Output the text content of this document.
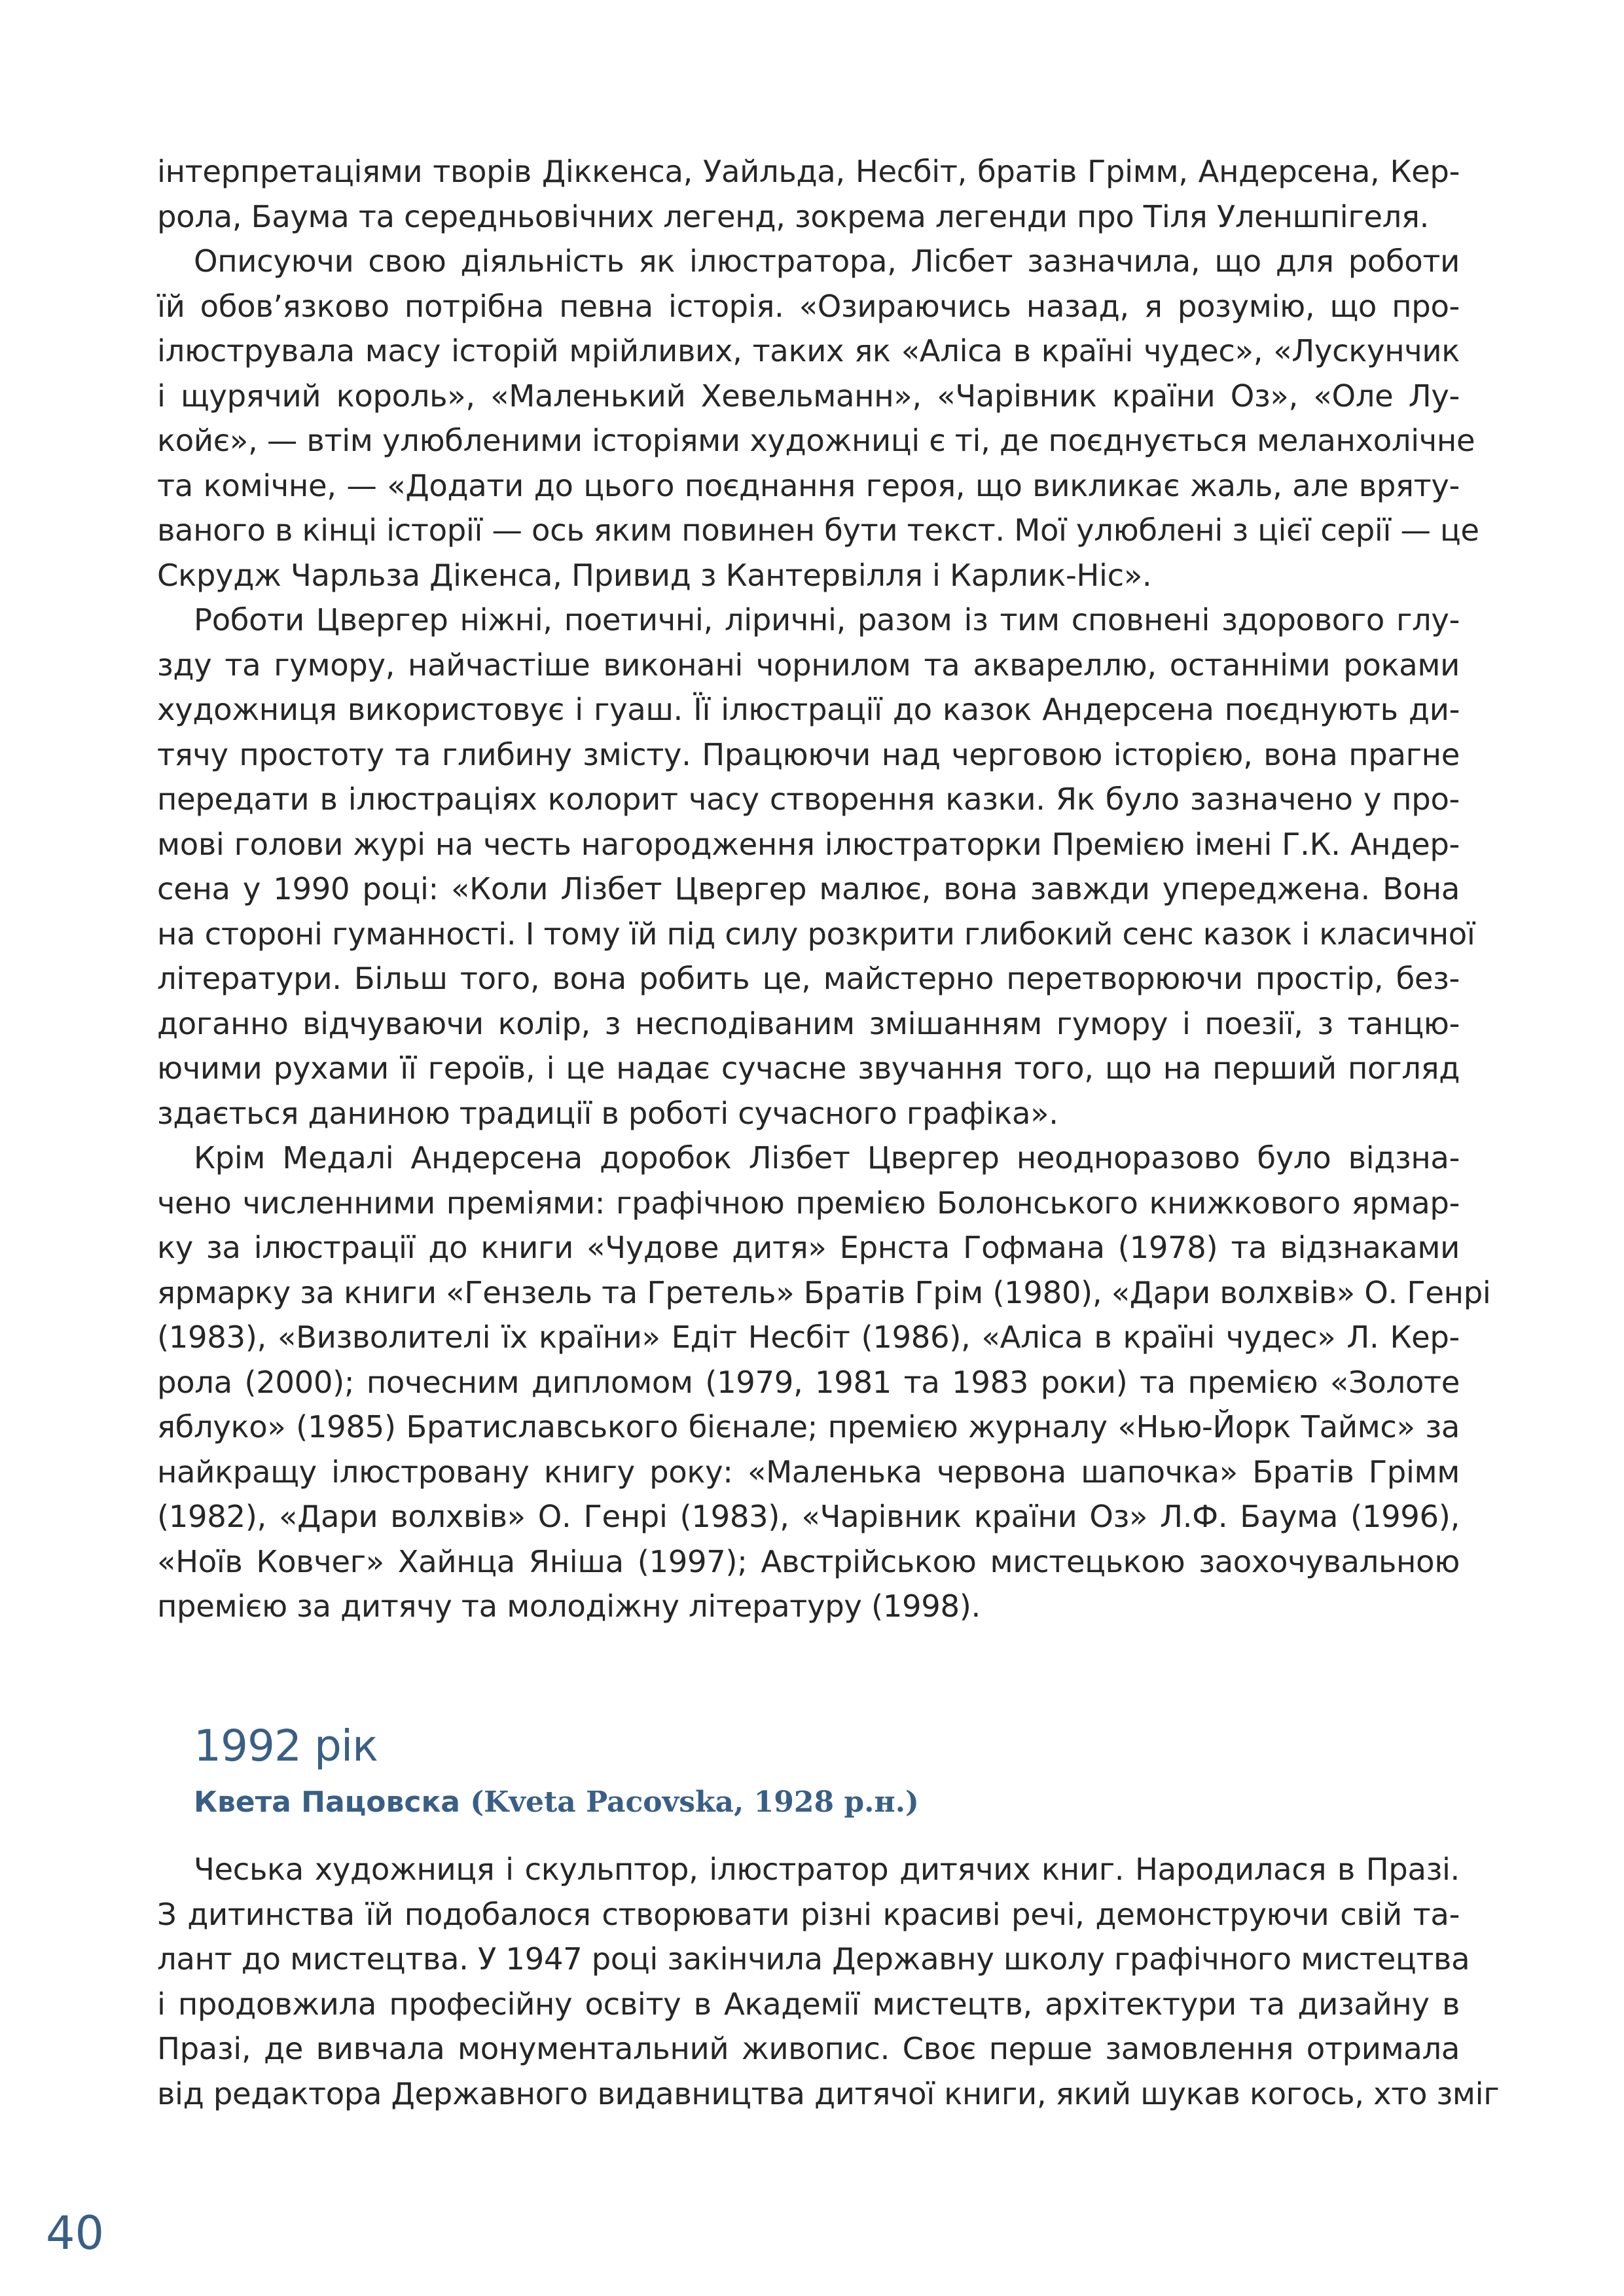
інтерпретаціями творів Діккенса, Уайльда, Несбіт, братів Грімм, Андерсена, Кер-
рола, Баума та середньовічних легенд, зокрема легенди про Тіля Уленшпігеля.
Описуючи свою діяльність як ілюстратора, Лісбет зазначила, що для роботи
їй обов’язково потрібна певна історія. «Озираючись назад, я розумію, що про-
ілюструвала масу історій мрійливих, таких як «Аліса в країні чудес», «Лускунчик
і щурячий король», «Маленький Хевельманн», «Чарівник країни Оз», «Оле Лу-
койє», — втім улюбленими історіями художниці є ті, де поєднується меланхолічне
та комічне, — «Додати до цього поєднання героя, що викликає жаль, але вряту-
ваного в кінці історії — ось яким повинен бути текст. Мої улюблені з цієї серії — це
Скрудж Чарльза Дікенса, Привид з Кантервілля і Карлик-Ніс».
Роботи Цвергер ніжні, поетичні, ліричні, разом із тим сповнені здорового глу-
зду та гумору, найчастіше виконані чорнилом та аквареллю, останніми роками
художниця використовує і гуаш. Її ілюстрації до казок Андерсена поєднують ди-
тячу простоту та глибину змісту. Працюючи над черговою історією, вона прагне
передати в ілюстраціях колорит часу створення казки. Як було зазначено у про-
мові голови журі на честь нагородження ілюстраторки Премією імені Г.К. Андер-
сена у 1990 році: «Коли Лізбет Цвергер малює, вона завжди упереджена. Вона
на стороні гуманності. І тому їй під силу розкрити глибокий сенс казок і класичної
літератури. Більш того, вона робить це, майстерно перетворюючи простір, без-
доганно відчуваючи колір, з несподіваним змішанням гумору і поезії, з танцю-
ючими рухами її героїв, і це надає сучасне звучання того, що на перший погляд
здається даниною традиції в роботі сучасного графіка».
Крім Медалі Андерсена доробок Лізбет Цвергер неодноразово було відзна-
чено численними преміями: графічною премією Болонського книжкового ярмар-
ку за ілюстрації до книги «Чудове дитя» Ернста Гофмана (1978) та відзнаками
ярмарку за книги «Гензель та Гретель» Братів Грім (1980), «Дари волхвів» О. Генрі
(1983), «Визволителі їх країни» Едіт Несбіт (1986), «Аліса в країні чудес» Л. Кер-
рола (2000); почесним дипломом (1979, 1981 та 1983 роки) та премією «Золоте
яблуко» (1985) Братиславського бієнале; премією журналу «Нью-Йорк Таймс» за
найкращу ілюстровану книгу року: «Маленька червона шапочка» Братів Грімм
(1982), «Дари волхвів» О. Генрі (1983), «Чарівник країни Оз» Л.Ф. Баума (1996),
«Ноїв Ковчег» Хайнца Яніша (1997); Австрійською мистецькою заохочувальною
премією за дитячу та молодіжну літературу (1998).
1992 рік
Квета Пацовска (Kveta Pacovska, 1928 р.н.)
Чеська художниця і скульптор, ілюстратор дитячих книг. Народилася в Празі.
З дитинства їй подобалося створювати різні красиві речі, демонструючи свій та-
лант до мистецтва. У 1947 році закінчила Державну школу графічного мистецтва
і продовжила професійну освіту в Академії мистецтв, архітектури та дизайну в
Празі, де вивчала монументальний живопис. Своє перше замовлення отримала
від редактора Державного видавництва дитячої книги, який шукав когось, хто зміг
40
